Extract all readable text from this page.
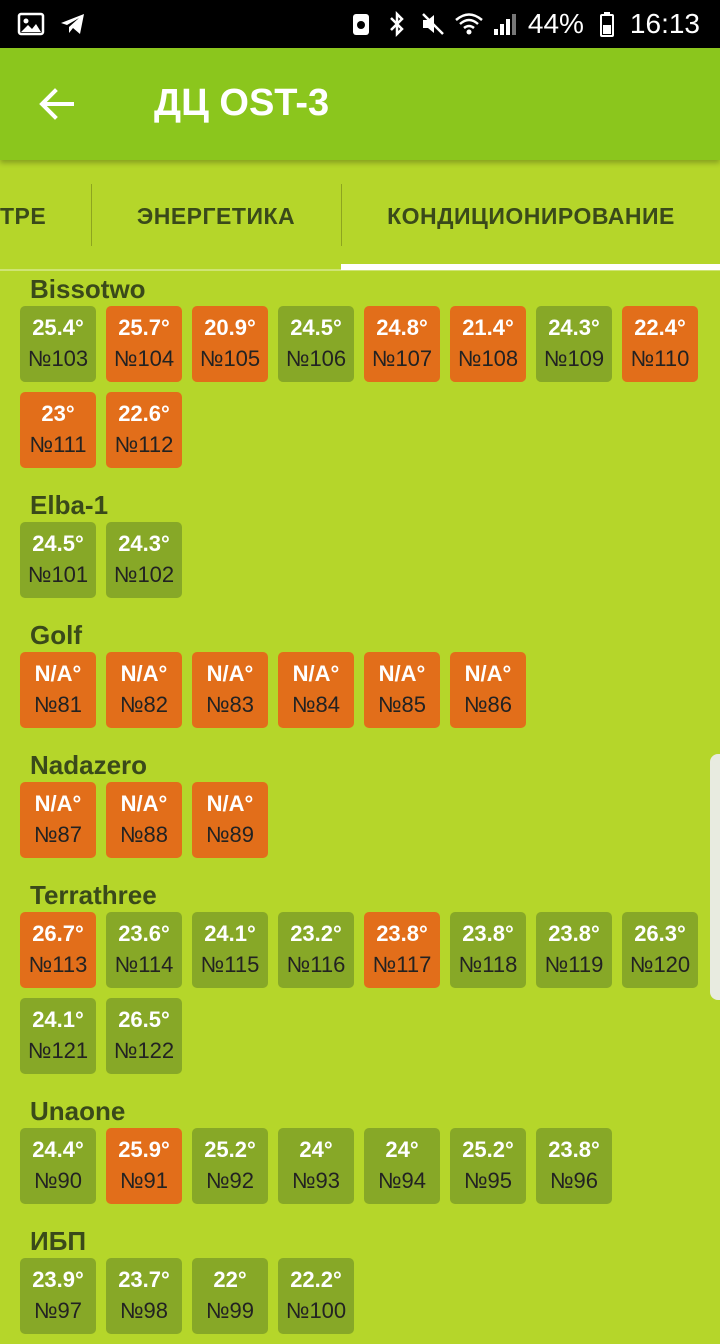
44% 16:13
ДЦ OST-3
ТРЕ	ЭНЕРГЕТИКА	КОНДИЦИОНИРОВАНИЕ
Bissotwo
25.4°
№103
25.7°
№104
20.9°
№105
24.5°
№106
24.8°
№107
21.4°
№108
24.3°
№109
22.4°
№110
23°
№111
22.6°
№112
Elba-1
24.5°
№101
24.3°
№102
Golf
N/A°
№81
N/A°
№82
N/A°
№83
N/A°
№84
N/A°
№85
N/A°
№86
Nadazero
N/A°
№87
N/A°
№88
N/A°
№89
Terrathree
26.7°
№113
23.6°
№114
24.1°
№115
23.2°
№116
23.8°
№117
23.8°
№118
23.8°
№119
26.3°
№120
24.1°
№121
26.5°
№122
Unaone
24.4°
№90
25.9°
№91
25.2°
№92
24°
№93
24°
№94
25.2°
№95
23.8°
№96
ИБП
23.9°
№97
23.7°
№98
22°
№99
22.2°
№100
